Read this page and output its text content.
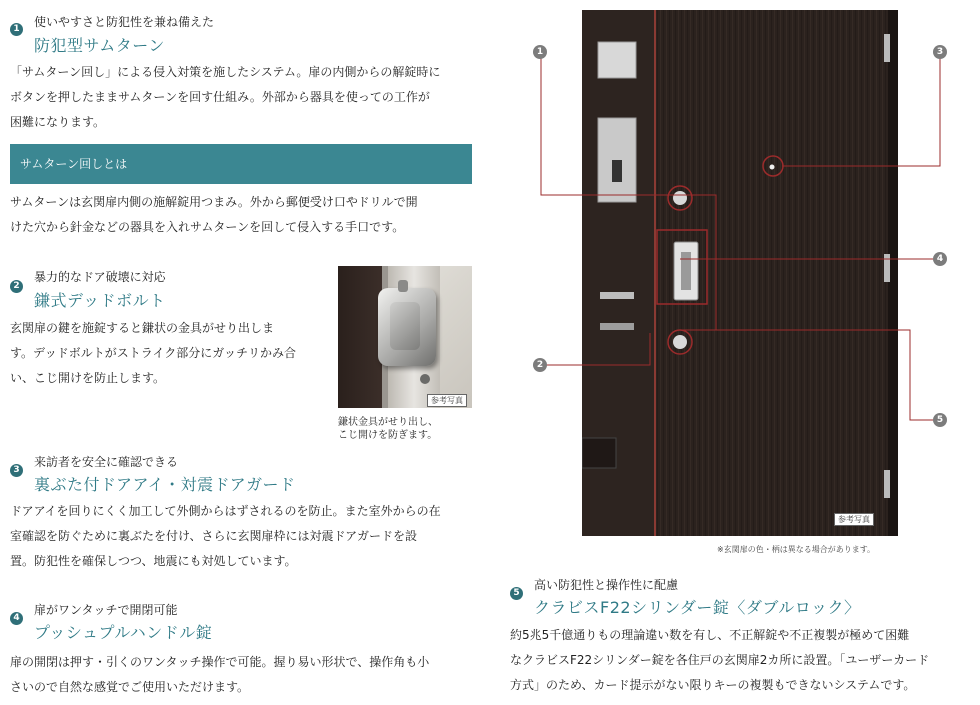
1 使いやすさと防犯性を兼ね備えた
防犯型サムターン
「サムターン回し」による侵入対策を施したシステム。扉の内側からの解錠時に
ボタンを押したままサムターンを回す仕組み。外部から器具を使っての工作が
困難になります。
サムターン回しとは
サムターンは玄関扉内側の施解錠用つまみ。外から郵便受け口やドリルで開
けた穴から針金などの器具を入れサムターンを回して侵入する手口です。
2
暴力的なドア破壊に対応
鎌式デッドボルト
玄関扉の鍵を施錠すると鎌状の金具がせり出しま
す。デッドボルトがストライク部分にガッチリかみ合
い、こじ開けを防止します。
参考写真
鎌状金具がせり出し、
こじ開けを防ぎます。
3
来訪者を安全に確認できる
裏ぶた付ドアアイ・対震ドアガード
ドアアイを回りにくく加工して外側からはずされるのを防止。また室外からの在
室確認を防ぐために裏ぶたを付け、さらに玄関扉枠には対震ドアガードを設
置。防犯性を確保しつつ、地震にも対処しています。
4
扉がワンタッチで開閉可能
プッシュプルハンドル錠
扉の開閉は押す・引くのワンタッチ操作で可能。握り易い形状で、操作角も小
さいので自然な感覚でご使用いただけます。
参考写真
1
2
3
4
5
※玄関扉の色・柄は異なる場合があります。
5
高い防犯性と操作性に配慮
クラビスF22シリンダー錠〈ダブルロック〉
約5兆5千億通りもの理論違い数を有し、不正解錠や不正複製が極めて困難
なクラビスF22シリンダー錠を各住戸の玄関扉2カ所に設置。「ユーザーカード
方式」のため、カード提示がない限りキーの複製もできないシステムです。
